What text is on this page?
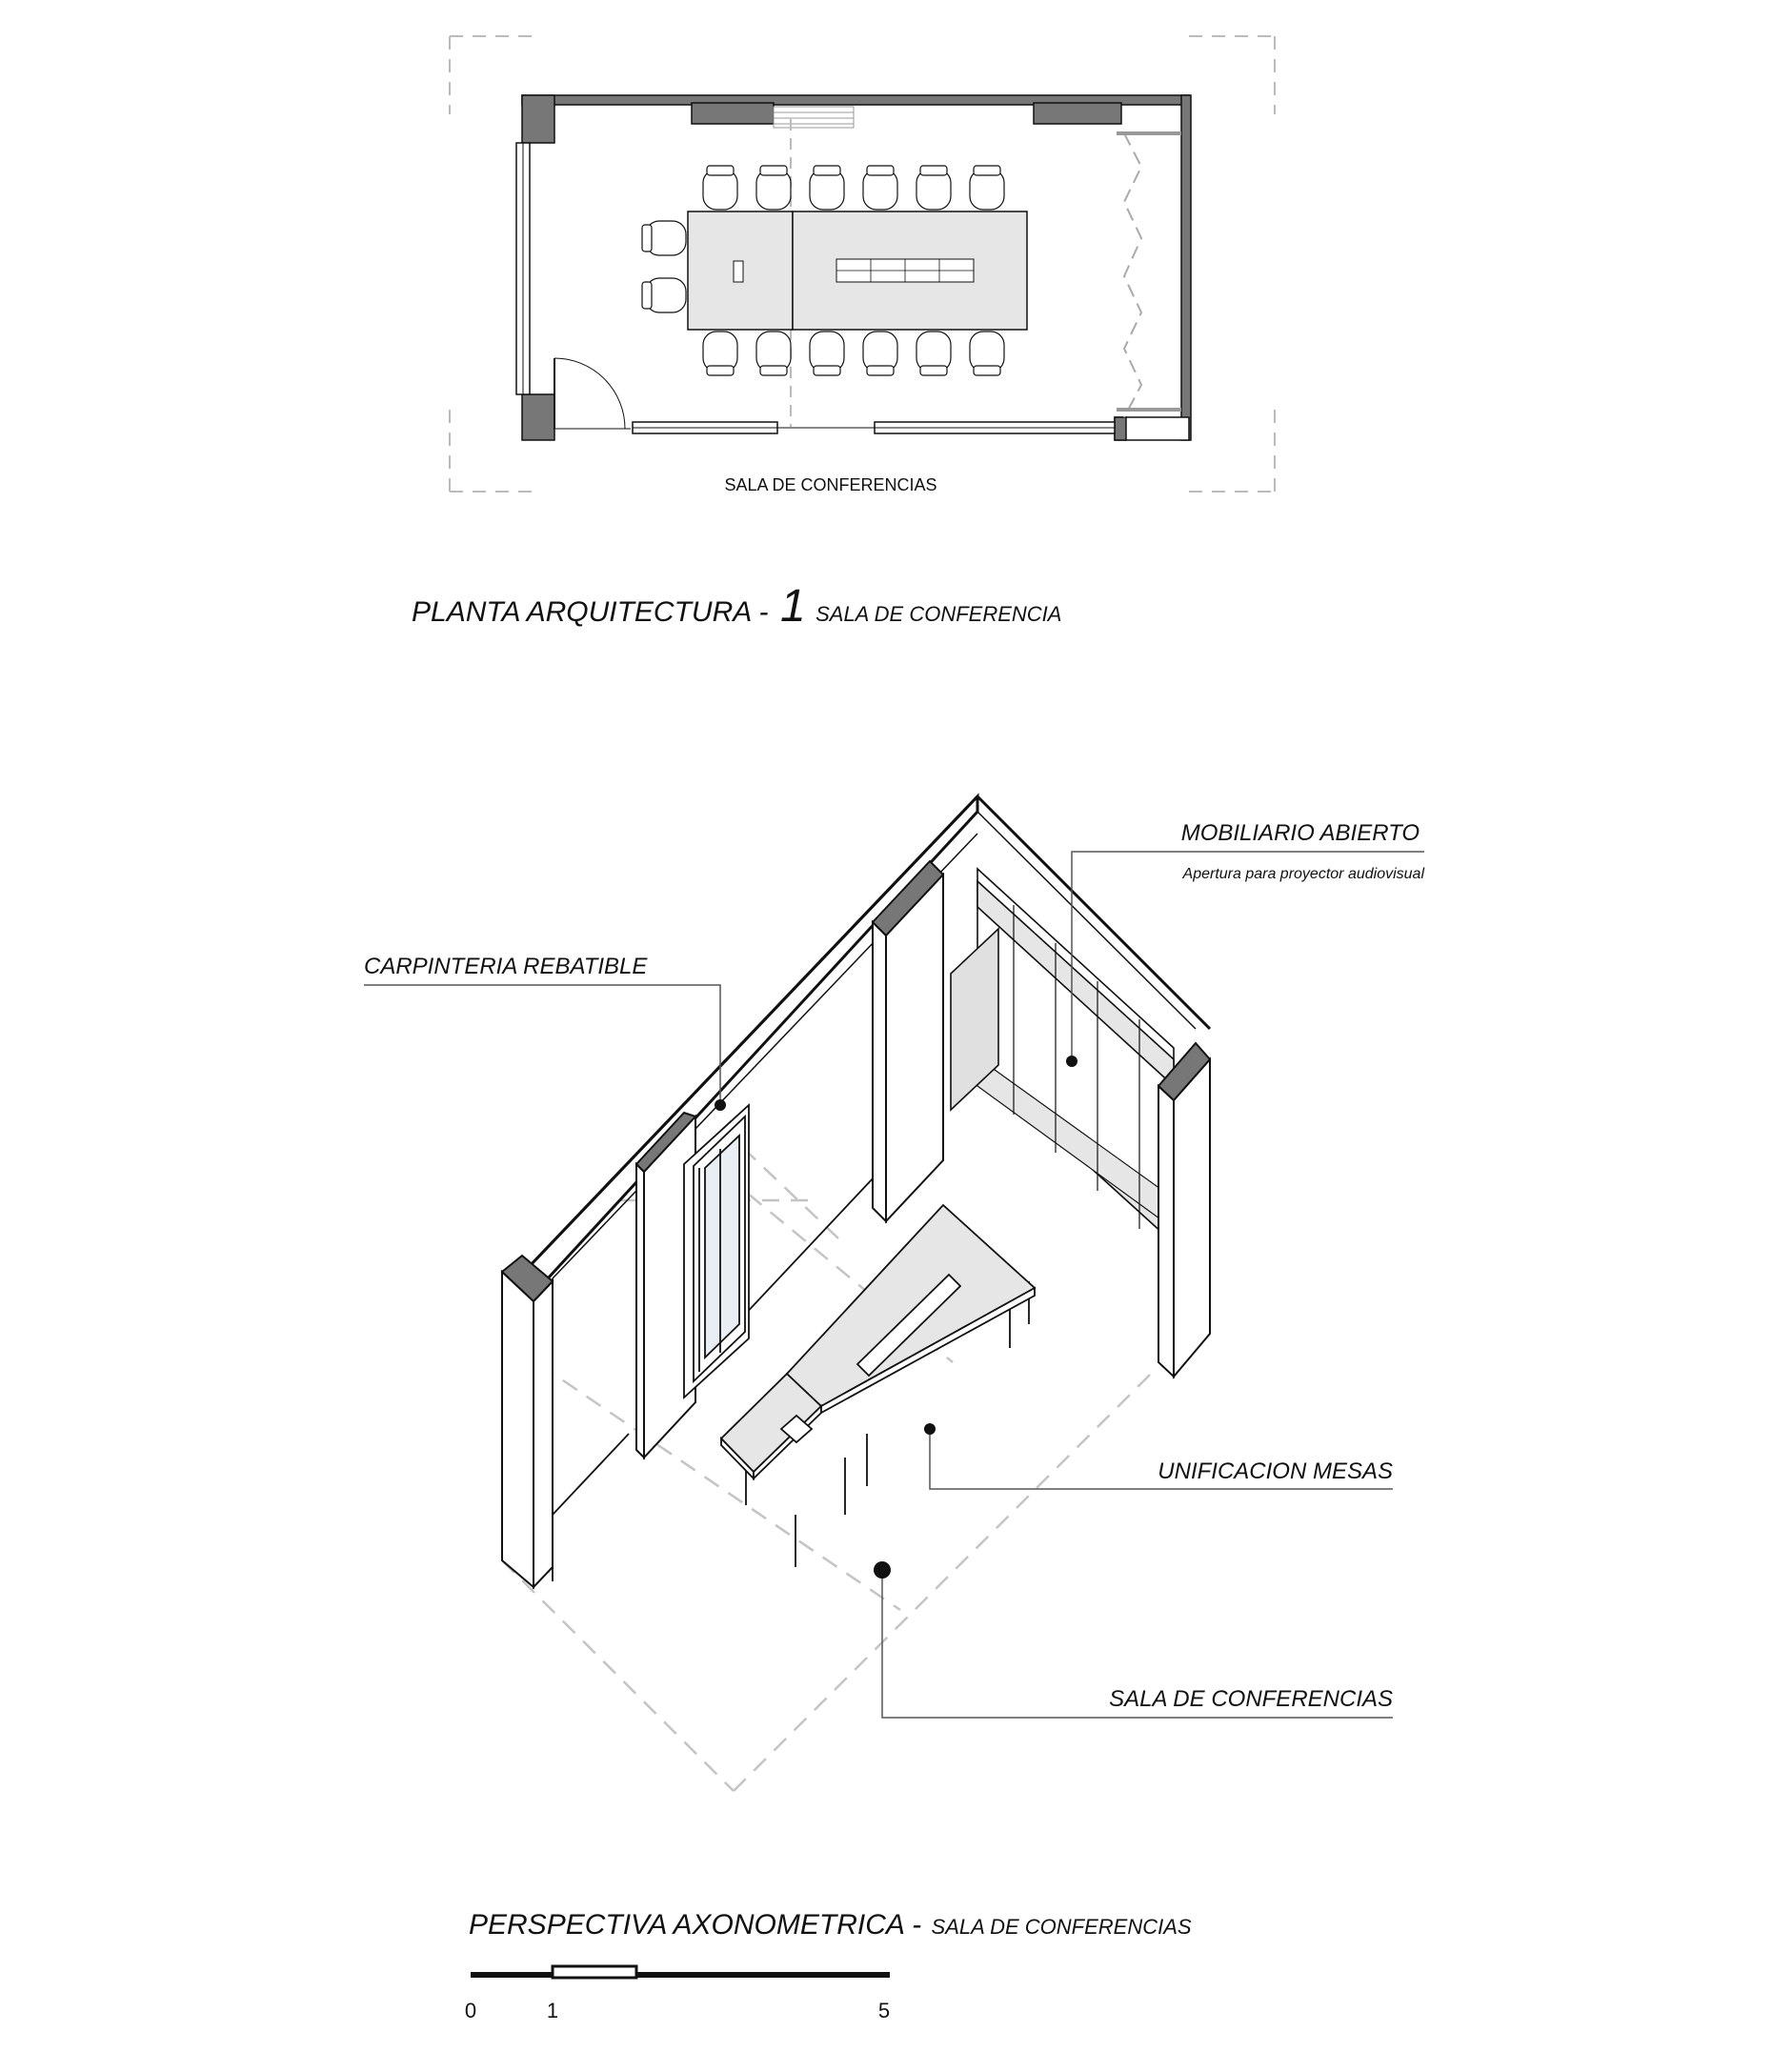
SALA DE CONFERENCIAS
PLANTA ARQUITECTURA - 1 SALA DE CONFERENCIA
MOBILIARIO ABIERTO
Apertura para proyector audiovisual
CARPINTERIA REBATIBLE
UNIFICACION MESAS
SALA DE CONFERENCIAS
PERSPECTIVA AXONOMETRICA - SALA DE CONFERENCIAS
0	1	5
